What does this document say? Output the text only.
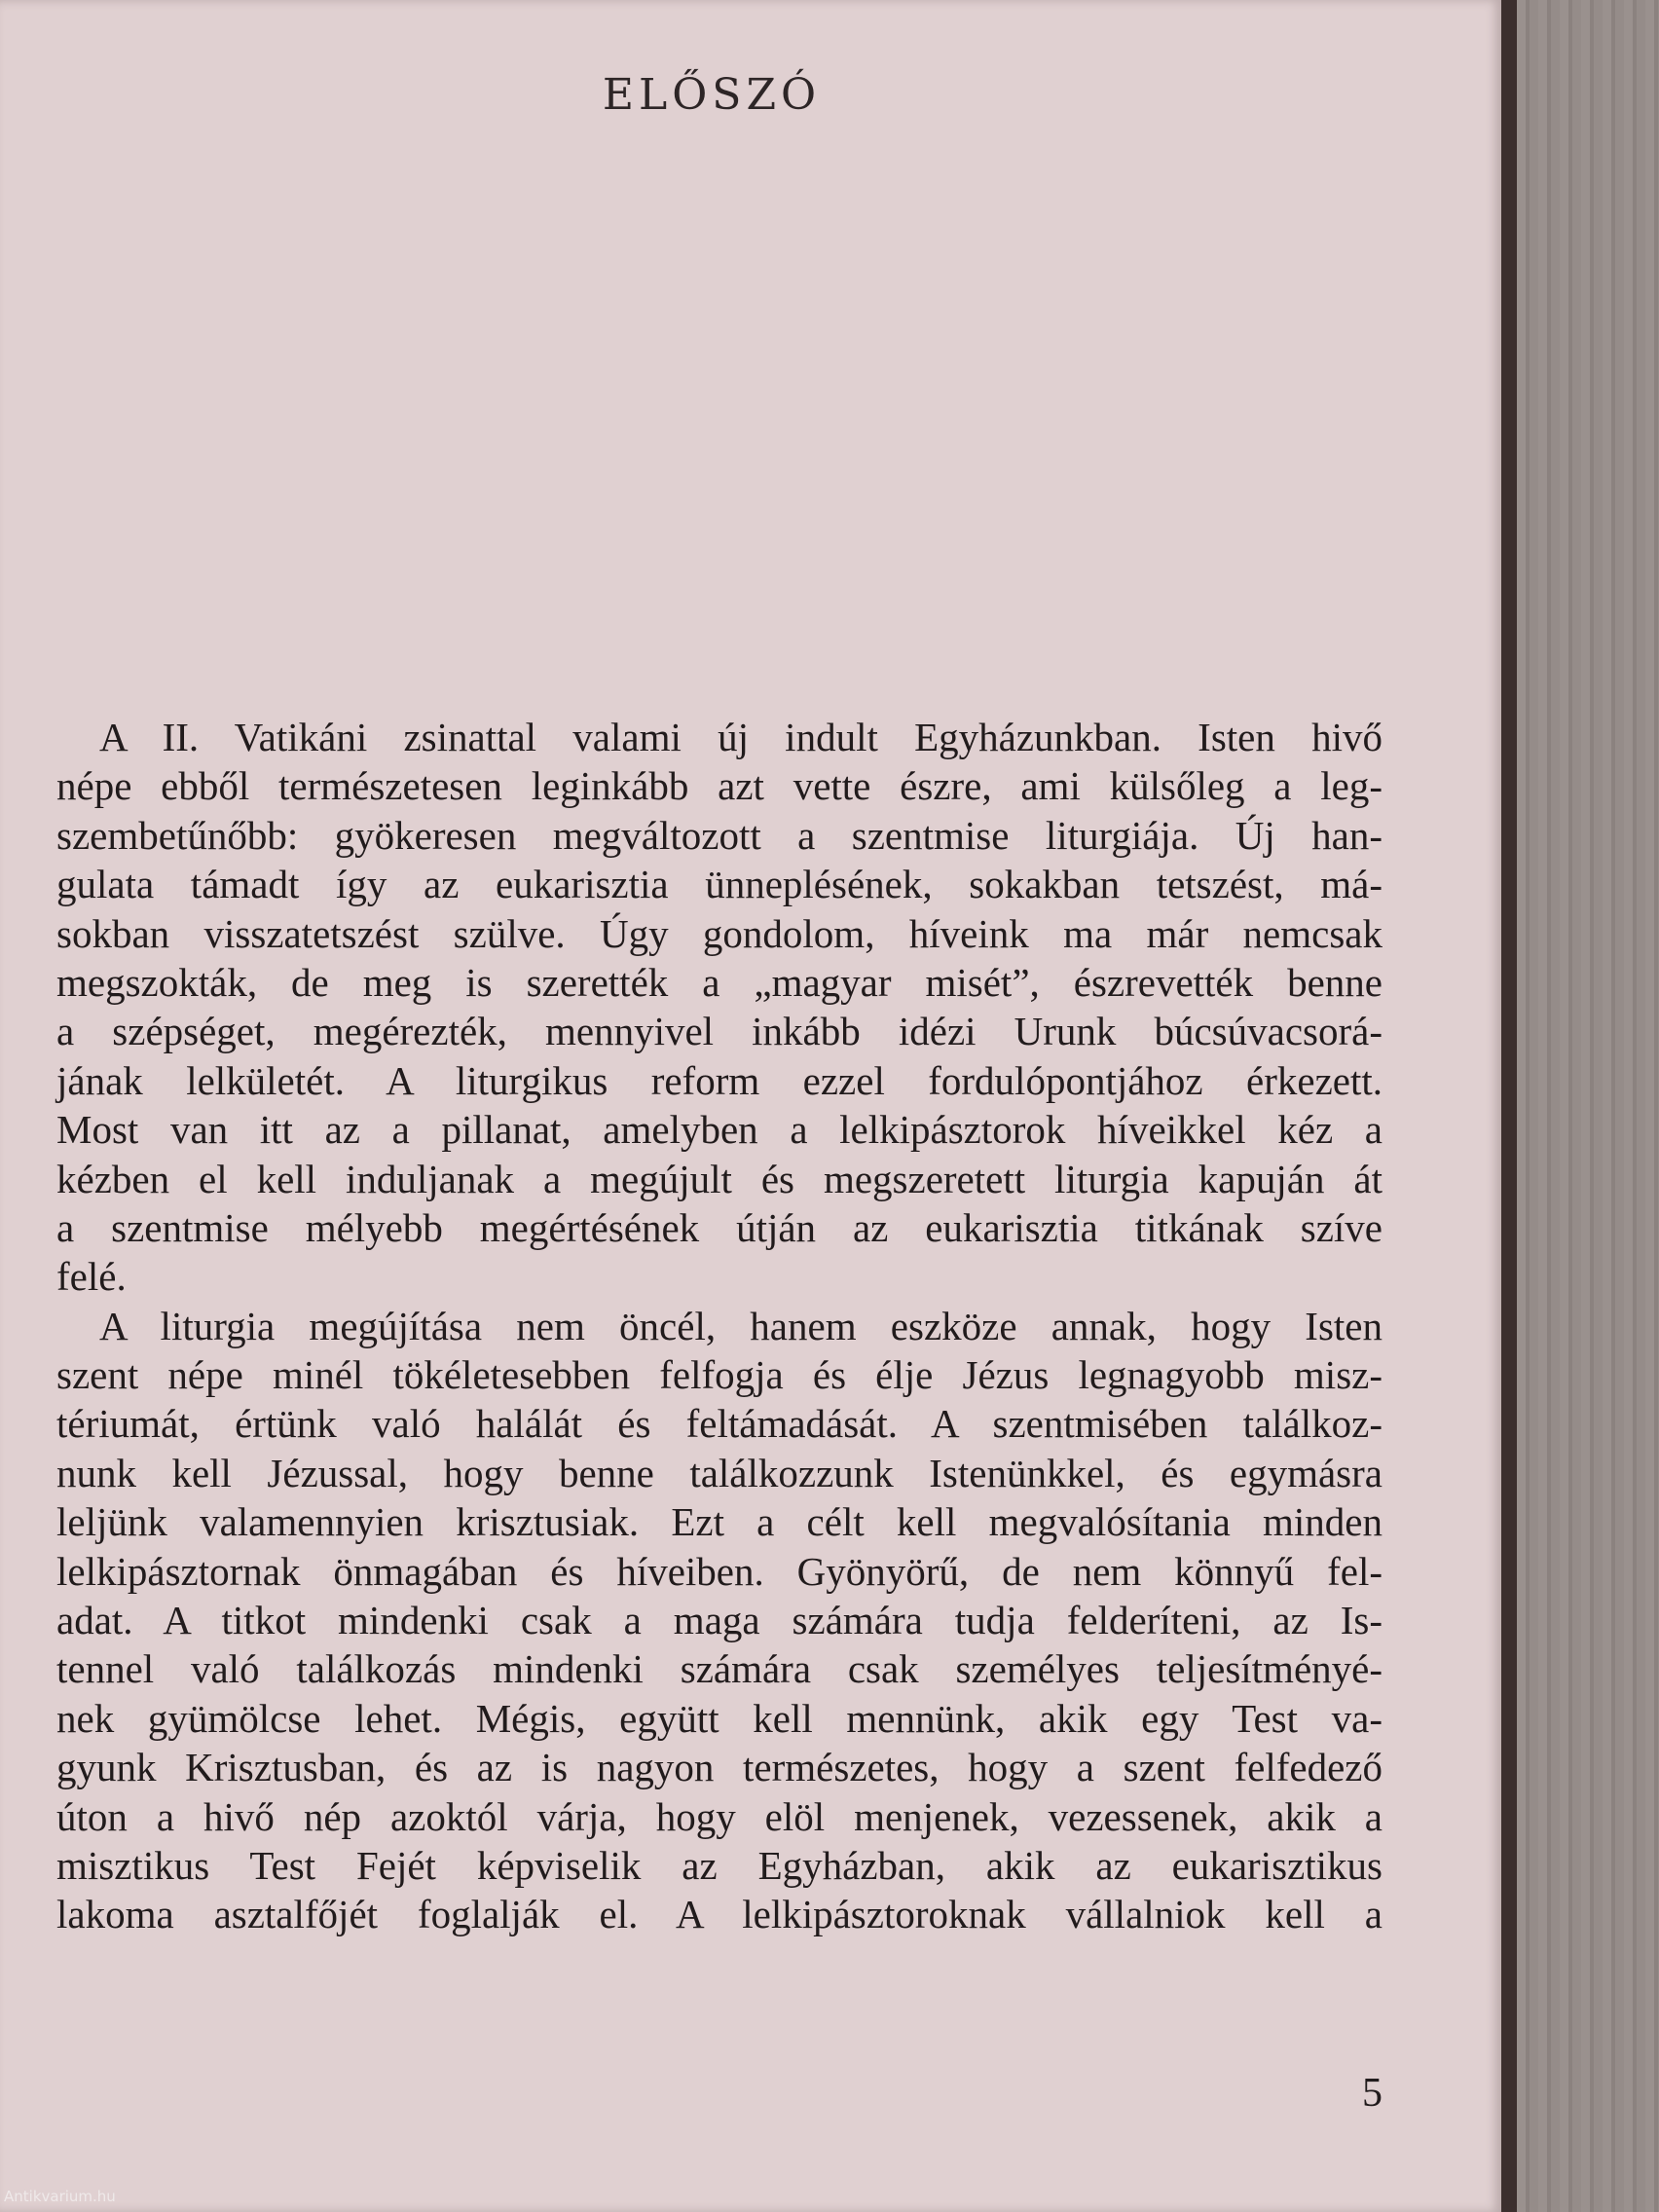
ELŐSZÓ
A II. Vatikáni zsinattal valami új indult Egyházunkban. Isten hivő
népe ebből természetesen leginkább azt vette észre, ami külsőleg a leg-
szembetűnőbb: gyökeresen megváltozott a szentmise liturgiája. Új han-
gulata támadt így az eukarisztia ünneplésének, sokakban tetszést, má-
sokban visszatetszést szülve. Úgy gondolom, híveink ma már nemcsak
megszokták, de meg is szerették a „magyar misét”, észrevették benne
a szépséget, megérezték, mennyivel inkább idézi Urunk búcsúvacsorá-
jának lelkületét. A liturgikus reform ezzel fordulópontjához érkezett.
Most van itt az a pillanat, amelyben a lelkipásztorok híveikkel kéz a
kézben el kell induljanak a megújult és megszeretett liturgia kapuján át
a szentmise mélyebb megértésének útján az eukarisztia titkának szíve
felé.
A liturgia megújítása nem öncél, hanem eszköze annak, hogy Isten
szent népe minél tökéletesebben felfogja és élje Jézus legnagyobb misz-
tériumát, értünk való halálát és feltámadását. A szentmisében találkoz-
nunk kell Jézussal, hogy benne találkozzunk Istenünkkel, és egymásra
leljünk valamennyien krisztusiak. Ezt a célt kell megvalósítania minden
lelkipásztornak önmagában és híveiben. Gyönyörű, de nem könnyű fel-
adat. A titkot mindenki csak a maga számára tudja felderíteni, az Is-
tennel való találkozás mindenki számára csak személyes teljesítményé-
nek gyümölcse lehet. Mégis, együtt kell mennünk, akik egy Test va-
gyunk Krisztusban, és az is nagyon természetes, hogy a szent felfedező
úton a hivő nép azoktól várja, hogy elöl menjenek, vezessenek, akik a
misztikus Test Fejét képviselik az Egyházban, akik az eukarisztikus
lakoma asztalfőjét foglalják el. A lelkipásztoroknak vállalniok kell a
5
Antikvarium.hu
